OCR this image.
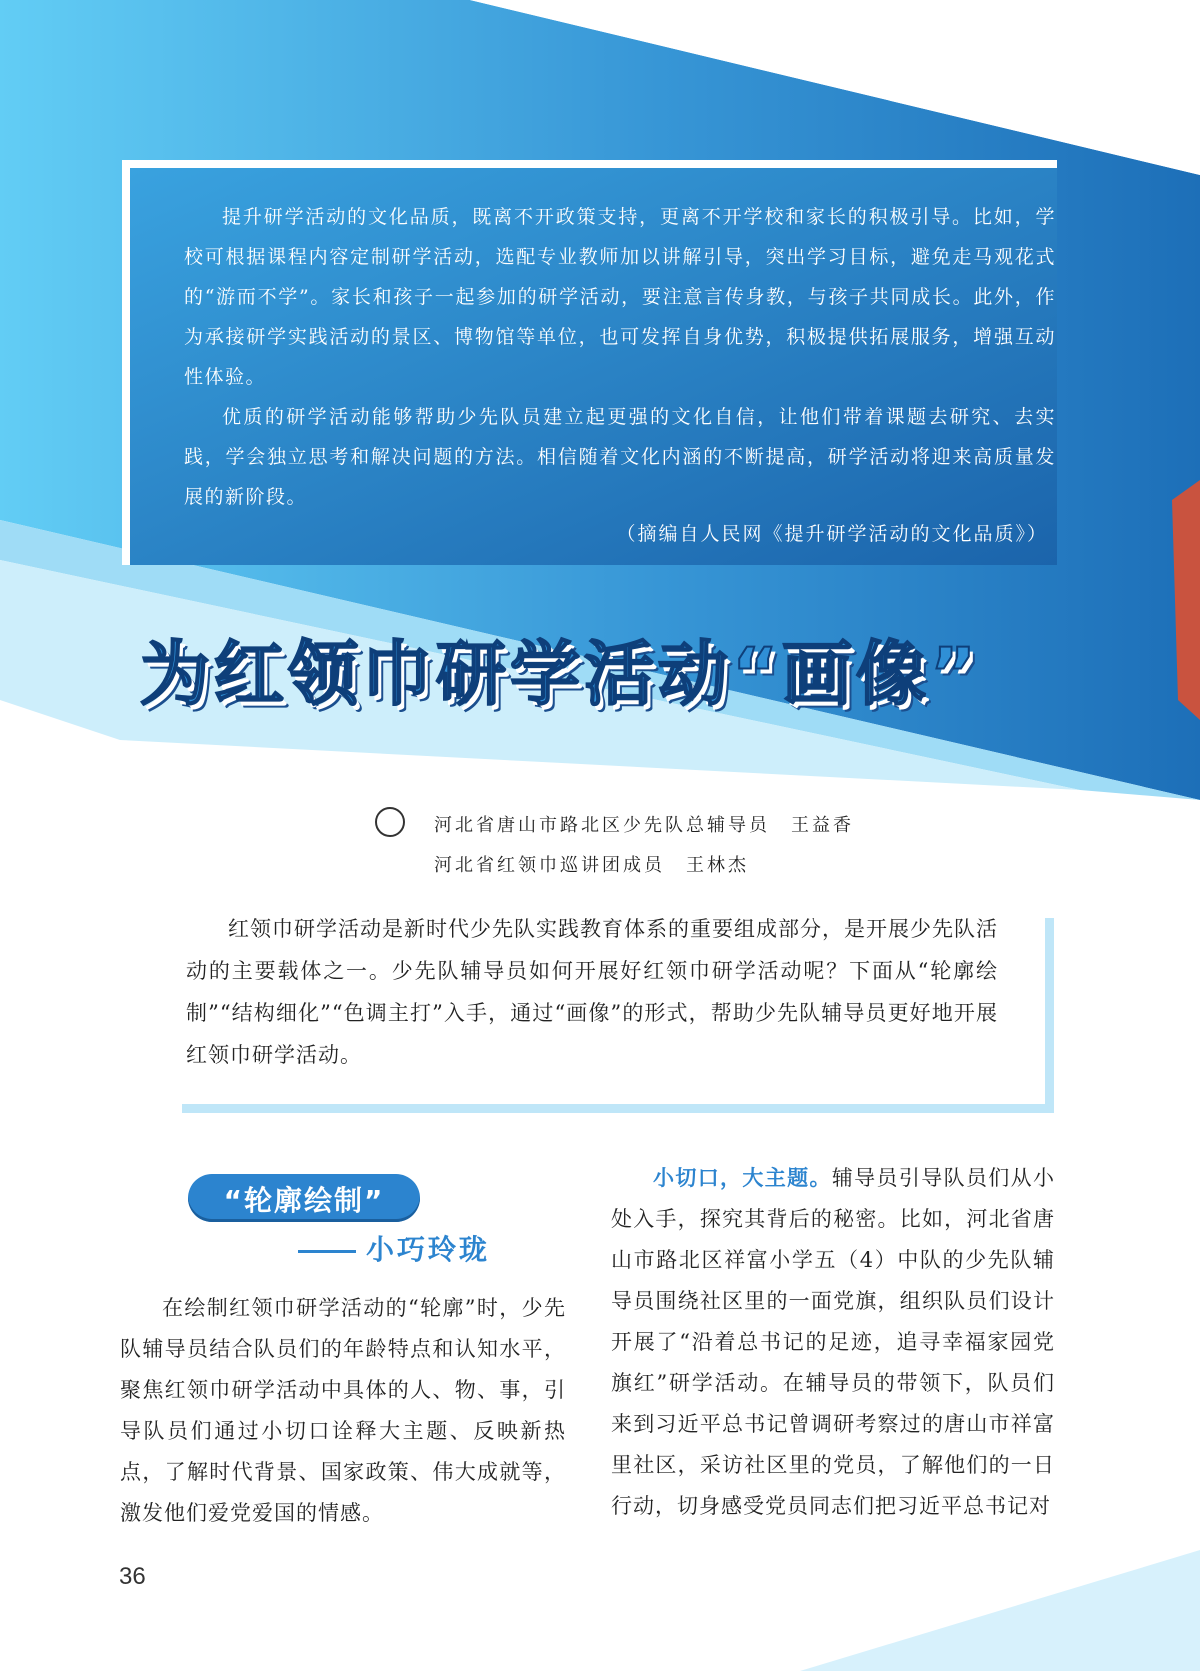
提升研学活动的文化品质，既离不开政策支持，更离不开学校和家长的积极引导。比如，学校可根据课程内容定制研学活动，选配专业教师加以讲解引导，突出学习目标，避免走马观花式的“游而不学”。家长和孩子一起参加的研学活动，要注意言传身教，与孩子共同成长。此外，作为承接研学实践活动的景区、博物馆等单位，也可发挥自身优势，积极提供拓展服务，增强互动性体验。

优质的研学活动能够帮助少先队员建立起更强的文化自信，让他们带着课题去研究、去实践，学会独立思考和解决问题的方法。相信随着文化内涵的不断提高，研学活动将迎来高质量发展的新阶段。

（摘编自人民网《提升研学活动的文化品质》）
为红领巾研学活动“画像”
河北省唐山市路北区少先队总辅导员　王益香
河北省红领巾巡讲团成员　王林杰

红领巾研学活动是新时代少先队实践教育体系的重要组成部分，是开展少先队活动的主要载体之一。少先队辅导员如何开展好红领巾研学活动呢？下面从“轮廓绘制”“结构细化”“色调主打”入手，通过“画像”的形式，帮助少先队辅导员更好地开展红领巾研学活动。

“轮廓绘制”
小巧玲珑

在绘制红领巾研学活动的“轮廓”时，少先队辅导员结合队员们的年龄特点和认知水平，聚焦红领巾研学活动中具体的人、物、事，引导队员们通过小切口诠释大主题、反映新热点，了解时代背景、国家政策、伟大成就等，激发他们爱党爱国的情感。

小切口，大主题。辅导员引导队员们从小处入手，探究其背后的秘密。比如，河北省唐山市路北区祥富小学五（4）中队的少先队辅导员围绕社区里的一面党旗，组织队员们设计开展了“沿着总书记的足迹，追寻幸福家园党旗红”研学活动。在辅导员的带领下，队员们来到习近平总书记曾调研考察过的唐山市祥富里社区，采访社区里的党员，了解他们的一日行动，切身感受党员同志们把习近平总书记对

36
